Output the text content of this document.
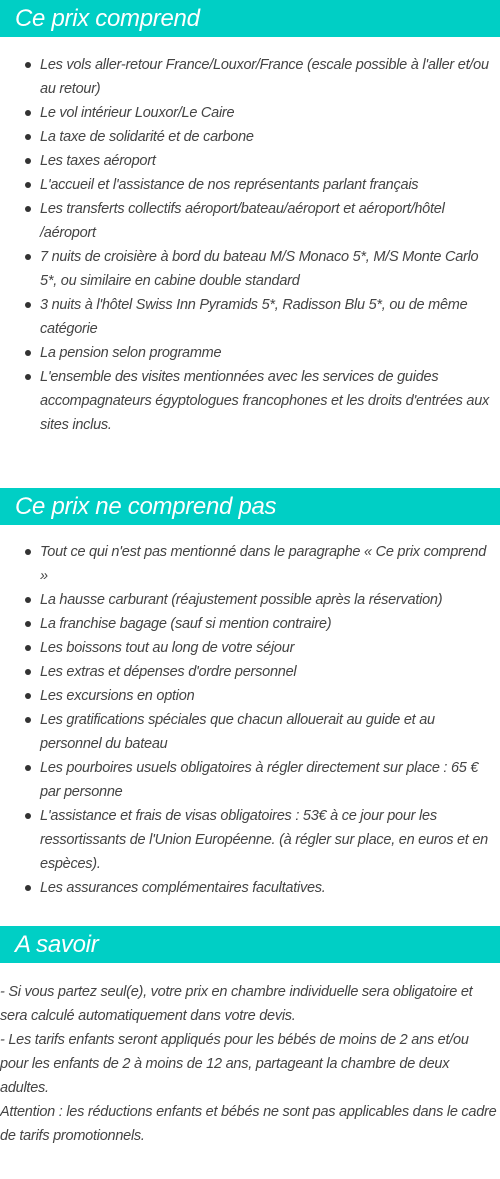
Ce prix comprend
Les vols aller-retour France/Louxor/France (escale possible à l'aller et/ou au retour)
Le vol intérieur Louxor/Le Caire
La taxe de solidarité et de carbone
Les taxes aéroport
L'accueil et l'assistance de nos représentants parlant français
Les transferts collectifs aéroport/bateau/aéroport et aéroport/hôtel /aéroport
7 nuits de croisière à bord du bateau M/S Monaco 5*, M/S Monte Carlo 5*, ou similaire en cabine double standard
3 nuits à l'hôtel Swiss Inn Pyramids 5*, Radisson Blu 5*, ou de même catégorie
La pension selon programme
L'ensemble des visites mentionnées avec les services de guides accompagnateurs égyptologues francophones et les droits d'entrées aux sites inclus.
Ce prix ne comprend pas
Tout ce qui n'est pas mentionné dans le paragraphe « Ce prix comprend »
La hausse carburant (réajustement possible après la réservation)
La franchise bagage (sauf si mention contraire)
Les boissons tout au long de votre séjour
Les extras et dépenses d'ordre personnel
Les excursions en option
Les gratifications spéciales que chacun allouerait au guide et au personnel du bateau
Les pourboires usuels obligatoires à régler directement sur place : 65 € par personne
L'assistance et frais de visas obligatoires : 53€ à ce jour pour les ressortissants de l'Union Européenne. (à régler sur place, en euros et en espèces).
Les assurances complémentaires facultatives.
A savoir

- Si vous partez seul(e), votre prix en chambre individuelle sera obligatoire et sera calculé automatiquement dans votre devis.

- Les tarifs enfants seront appliqués pour les bébés de moins de 2 ans et/ou pour les enfants de 2 à moins de 12 ans, partageant la chambre de deux adultes.

Attention : les réductions enfants et bébés ne sont pas applicables dans le cadre de tarifs promotionnels.
